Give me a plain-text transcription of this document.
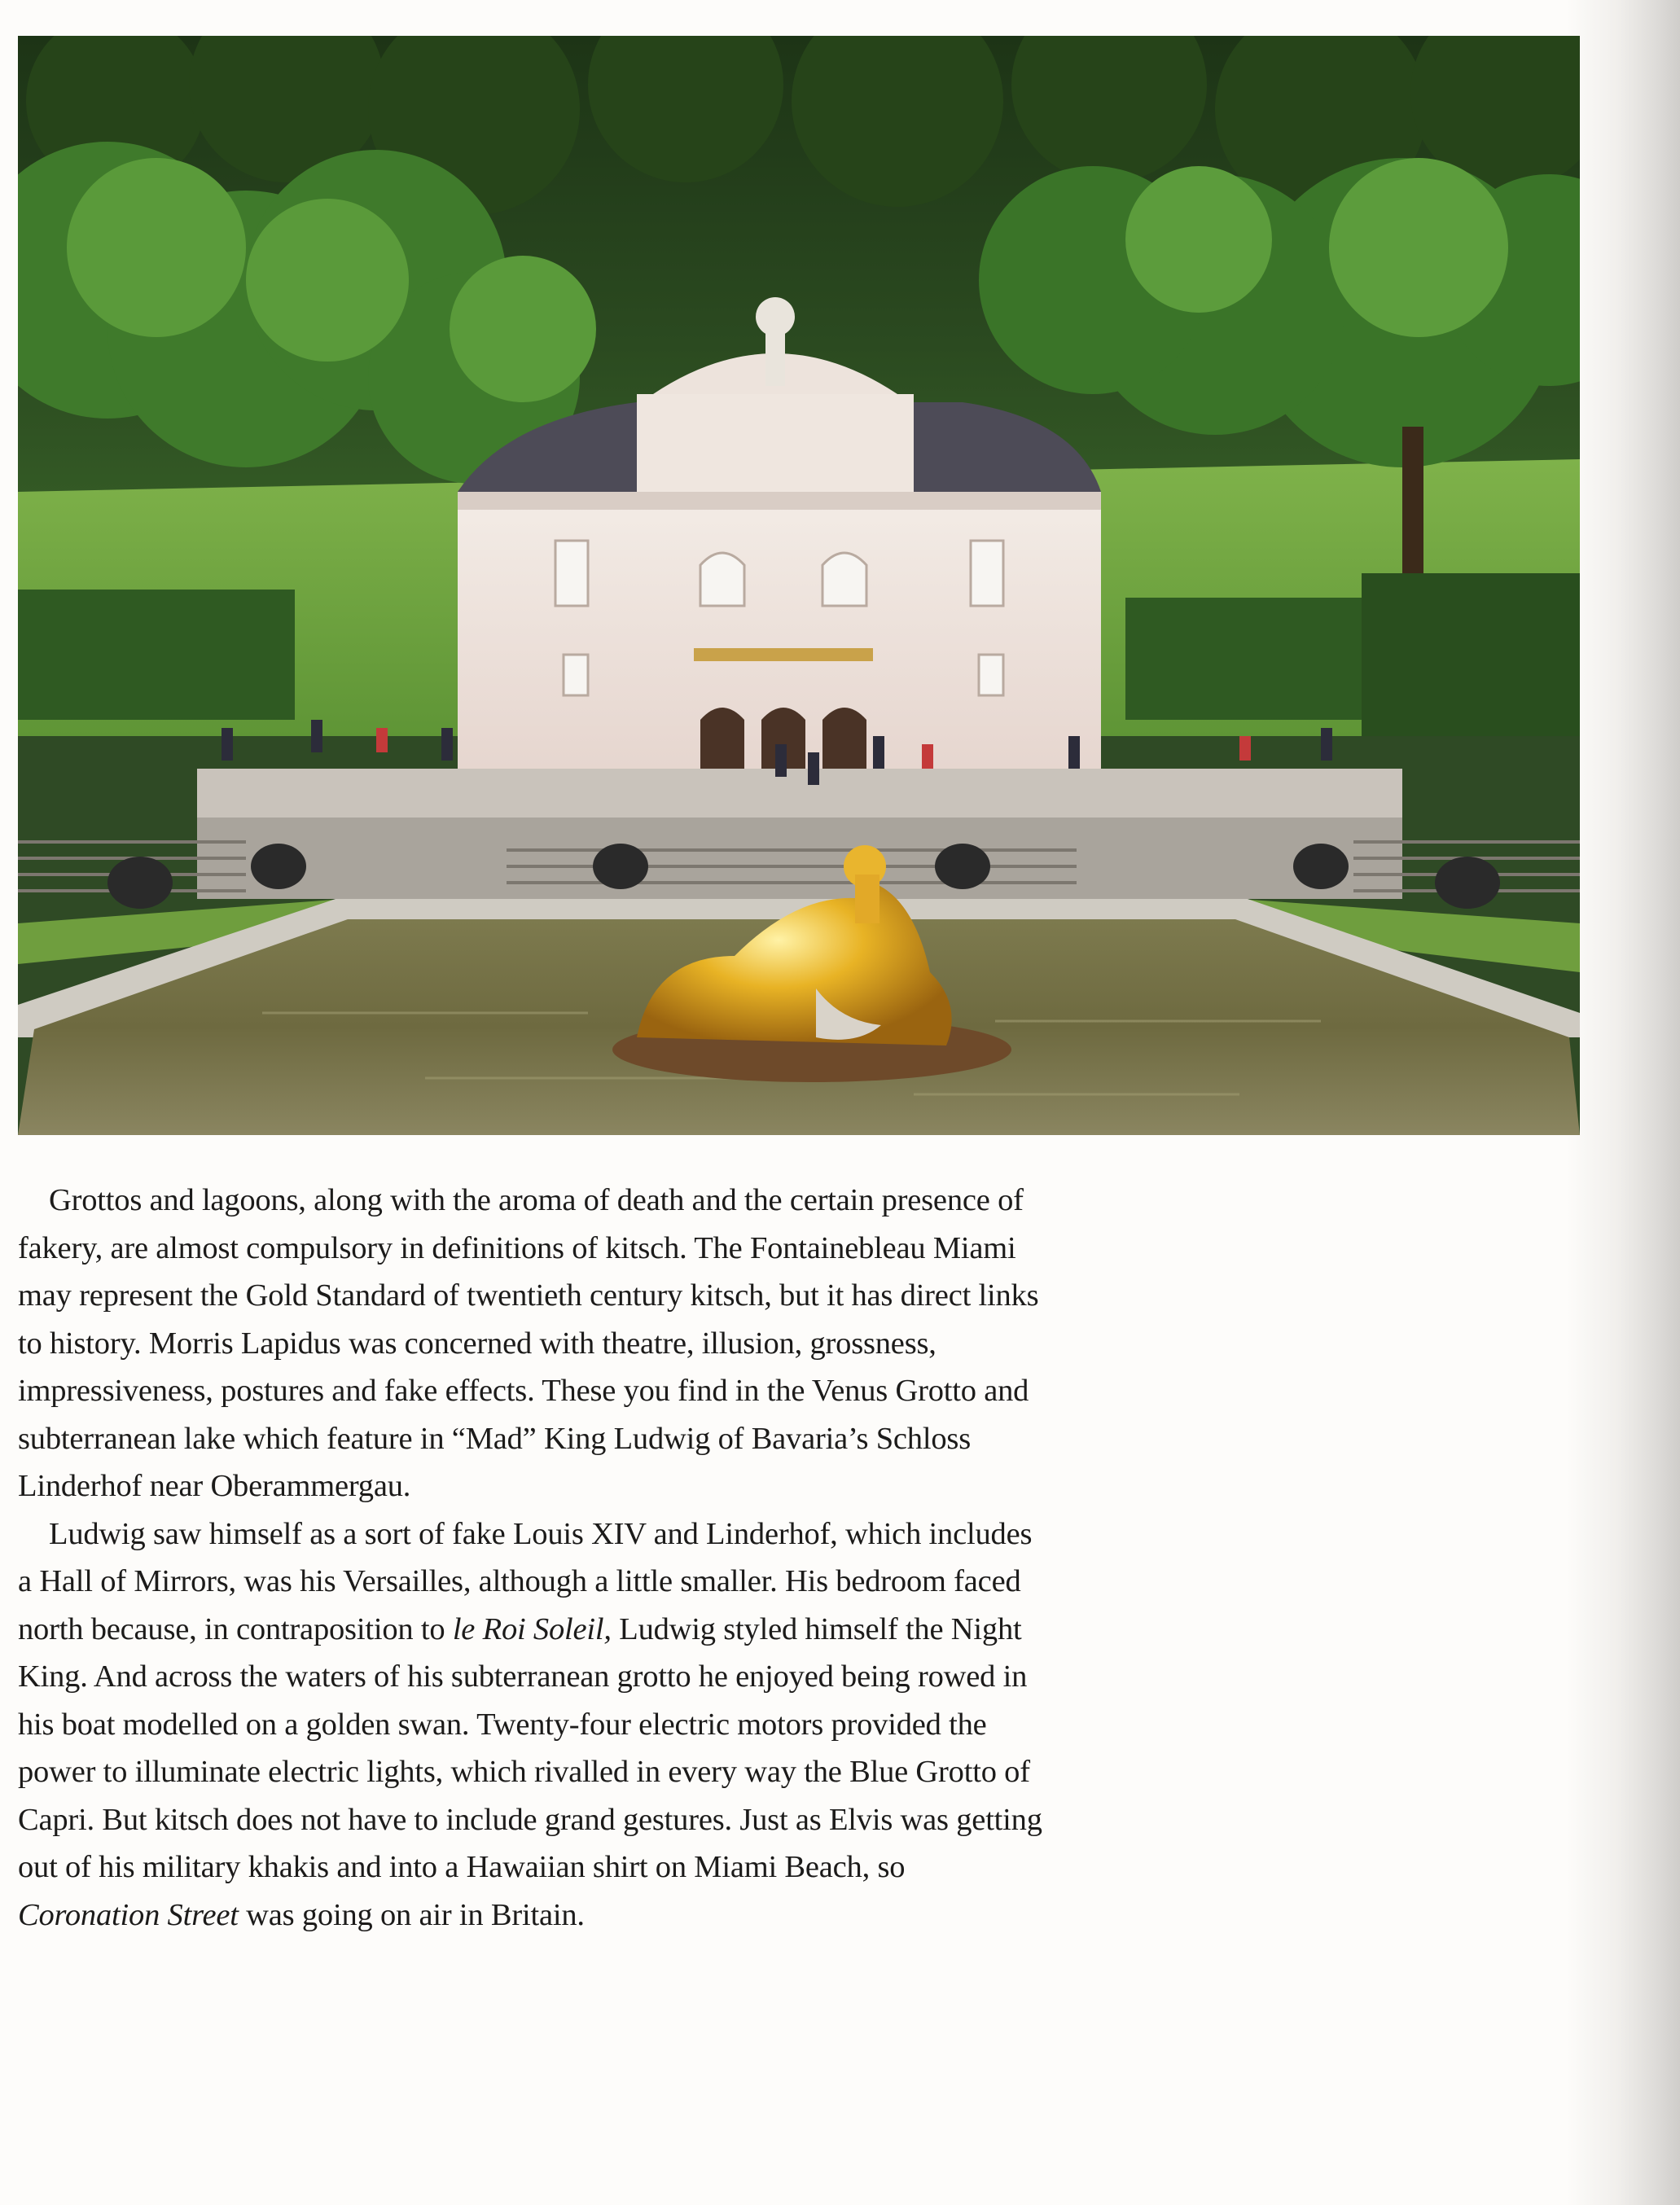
Grottos and lagoons, along with the aroma of death and the certain presence of fakery, are almost compulsory in definitions of kitsch. The Fontainebleau Miami may represent the Gold Standard of twentieth century kitsch, but it has direct links to history. Morris Lapidus was concerned with theatre, illusion, grossness, impressiveness, postures and fake effects. These you find in the Venus Grotto and subterranean lake which feature in “Mad” King Ludwig of Bavaria’s Schloss Linderhof near Oberammergau.

Ludwig saw himself as a sort of fake Louis XIV and Linderhof, which includes a Hall of Mirrors, was his Versailles, although a little smaller. His bedroom faced north because, in contraposition to le Roi Soleil, Ludwig styled himself the Night King. And across the waters of his subterranean grotto he enjoyed being rowed in his boat modelled on a golden swan. Twenty-four electric motors provided the power to illuminate electric lights, which rivalled in every way the Blue Grotto of Capri. But kitsch does not have to include grand gestures. Just as Elvis was getting out of his military khakis and into a Hawaiian shirt on Miami Beach, so Coronation Street was going on air in Britain.
